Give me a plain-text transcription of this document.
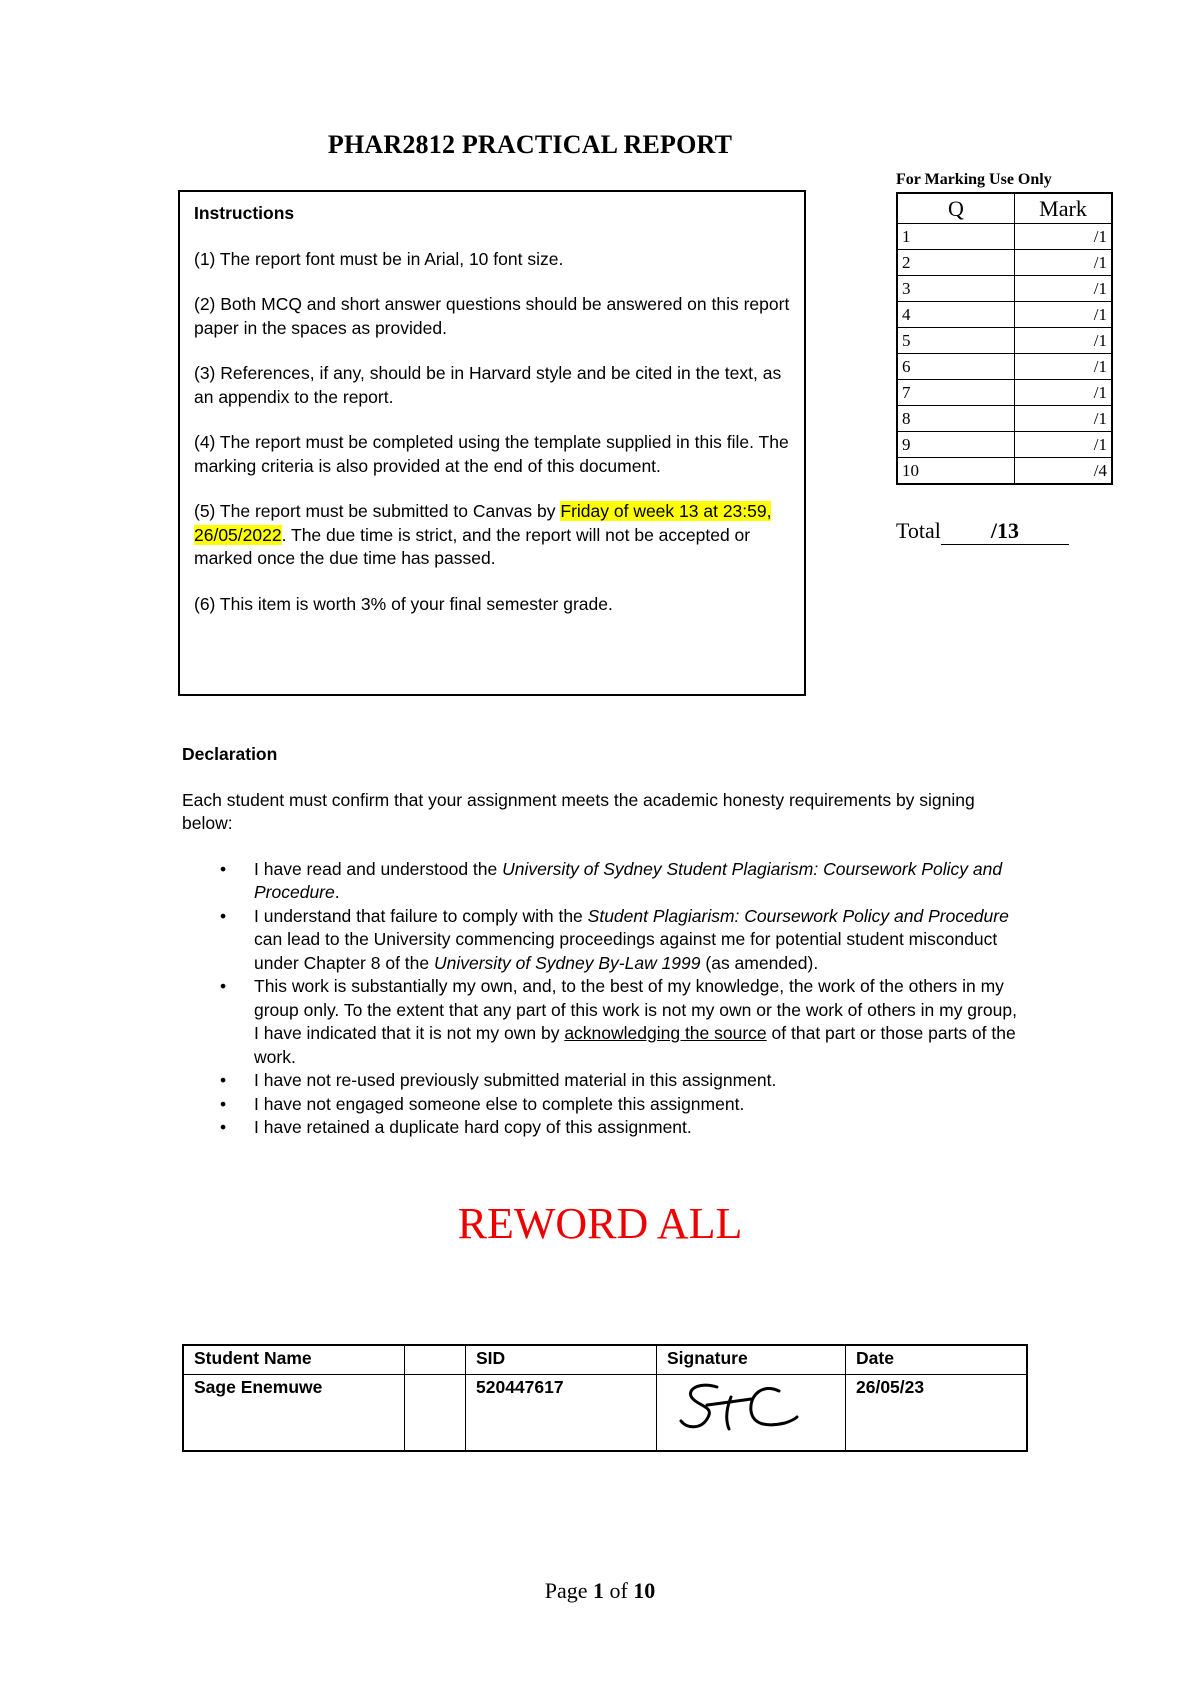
PHAR2812 PRACTICAL REPORT

Instructions

(1) The report font must be in Arial, 10 font size.

(2) Both MCQ and short answer questions should be answered on this report paper in the spaces as provided.

(3) References, if any, should be in Harvard style and be cited in the text, as an appendix to the report.

(4) The report must be completed using the template supplied in this file. The marking criteria is also provided at the end of this document.

(5) The report must be submitted to Canvas by Friday of week 13 at 23:59, 26/05/2022. The due time is strict, and the report will not be accepted or marked once the due time has passed.

(6) This item is worth 3% of your final semester grade.

For Marking Use Only
Q	Mark
1	/1
2	/1
3	/1
4	/1
5	/1
6	/1
7	/1
8	/1
9	/1
10	/4
Total /13

Declaration

Each student must confirm that your assignment meets the academic honesty requirements by signing below:

• I have read and understood the University of Sydney Student Plagiarism: Coursework Policy and Procedure.
• I understand that failure to comply with the Student Plagiarism: Coursework Policy and Procedure can lead to the University commencing proceedings against me for potential student misconduct under Chapter 8 of the University of Sydney By-Law 1999 (as amended).
• This work is substantially my own, and, to the best of my knowledge, the work of the others in my group only. To the extent that any part of this work is not my own or the work of others in my group, I have indicated that it is not my own by acknowledging the source of that part or those parts of the work.
• I have not re-used previously submitted material in this assignment.
• I have not engaged someone else to complete this assignment.
• I have retained a duplicate hard copy of this assignment.
REWORD ALL
Student Name		SID	Signature	Date
Sage Enemuwe		520447617		26/05/23
Page 1 of 10
